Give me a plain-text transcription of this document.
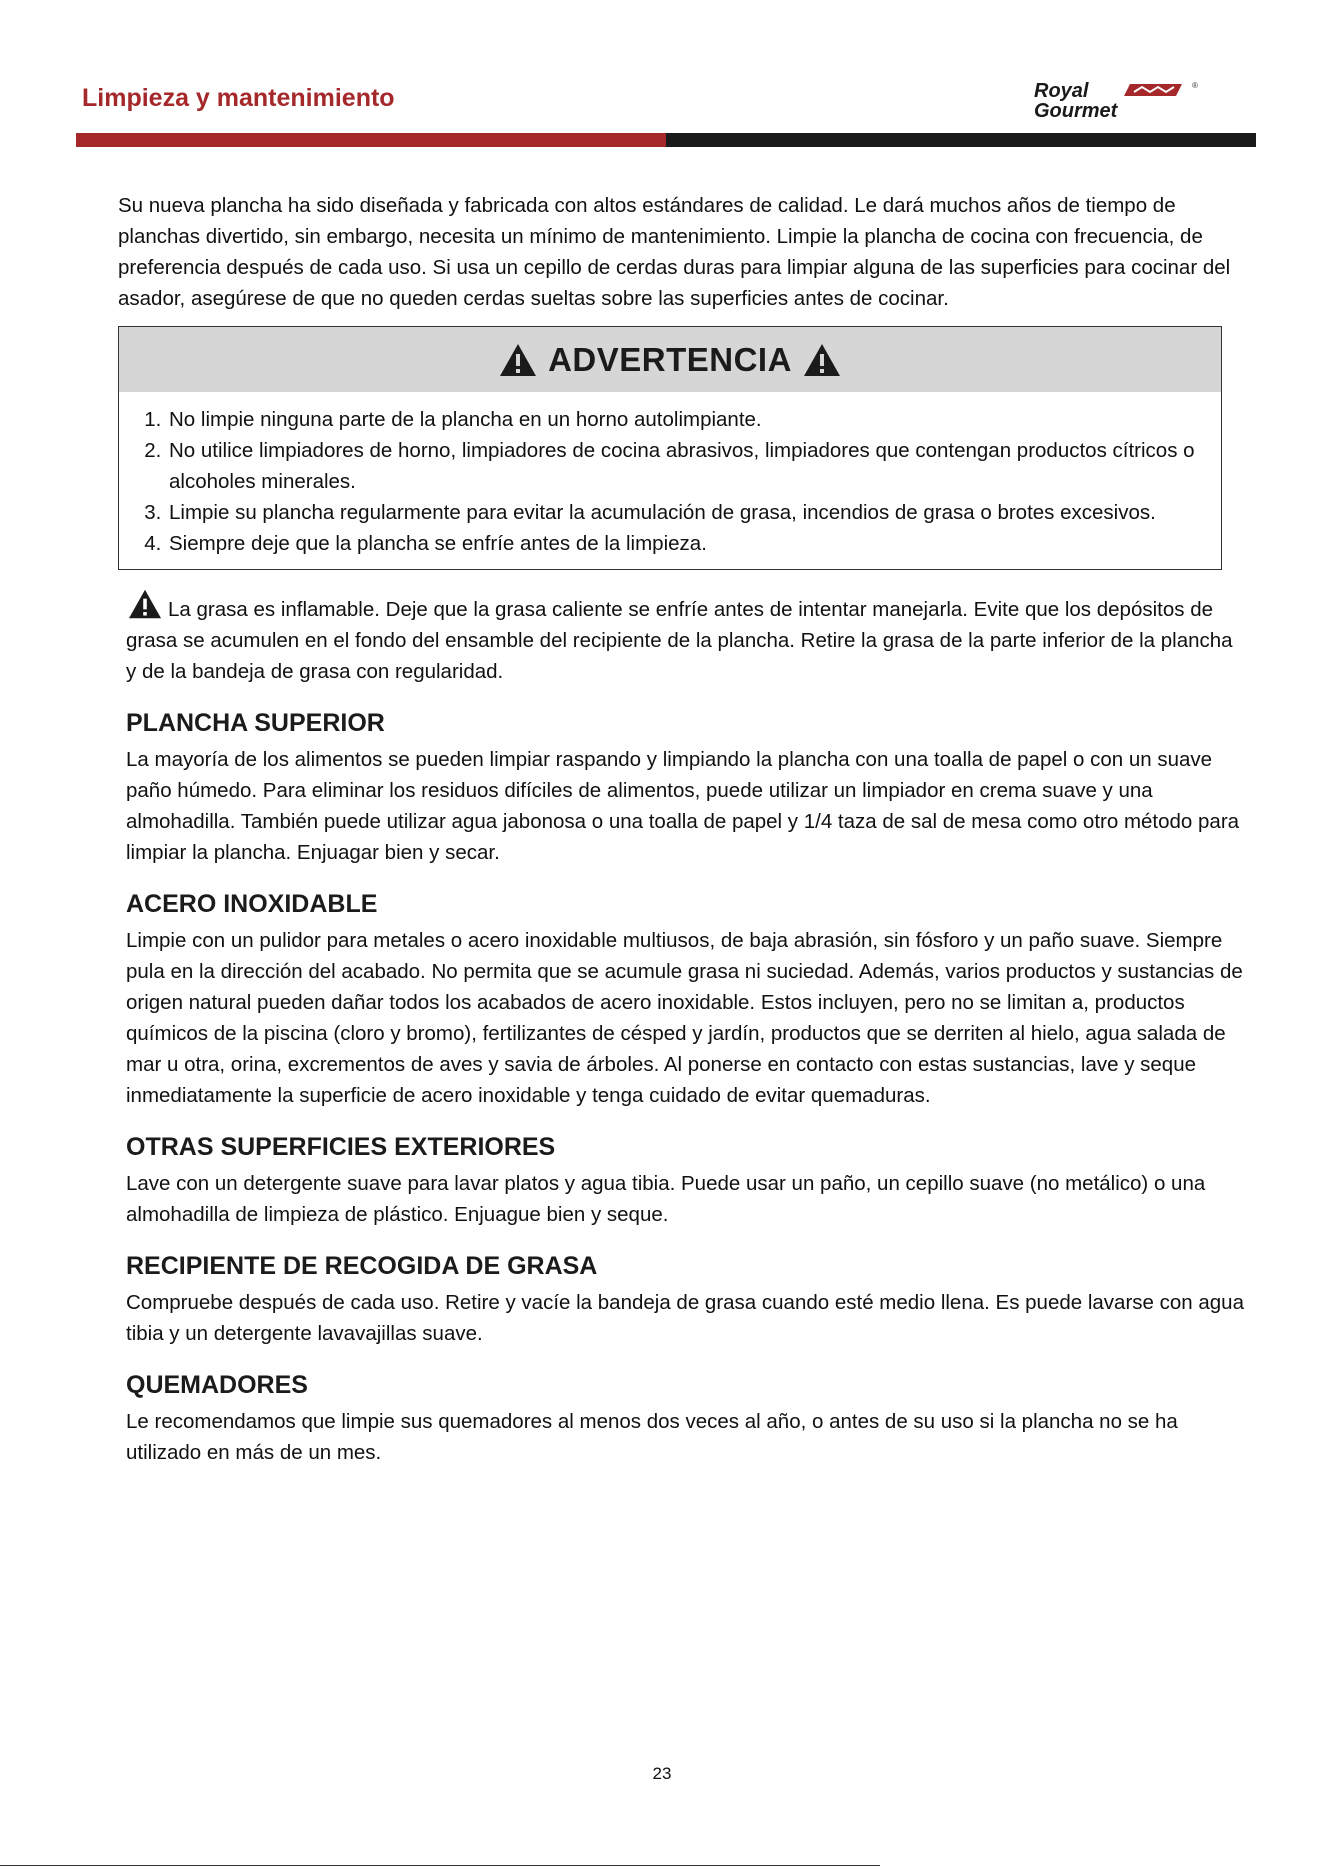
Limpieza y mantenimiento	Royal	®
Gourmet

Su nueva plancha ha sido diseñada y fabricada con altos estándares de calidad. Le dará muchos años de tiempo de planchas divertido, sin embargo, necesita un mínimo de mantenimiento. Limpie la plancha de cocina con frecuencia, de preferencia después de cada uso. Si usa un cepillo de cerdas duras para limpiar alguna de las superficies para cocinar del asador, asegúrese de que no queden cerdas sueltas sobre las superficies antes de cocinar.

ADVERTENCIA
1. No limpie ninguna parte de la plancha en un horno autolimpiante.
2. No utilice limpiadores de horno, limpiadores de cocina abrasivos, limpiadores que contengan productos cítricos o alcoholes minerales.
3. Limpie su plancha regularmente para evitar la acumulación de grasa, incendios de grasa o brotes excesivos.
4. Siempre deje que la plancha se enfríe antes de la limpieza.

La grasa es inflamable. Deje que la grasa caliente se enfríe antes de intentar manejarla. Evite que los depósitos de grasa se acumulen en el fondo del ensamble del recipiente de la plancha. Retire la grasa de la parte inferior de la plancha y de la bandeja de grasa con regularidad.

PLANCHA SUPERIOR

La mayoría de los alimentos se pueden limpiar raspando y limpiando la plancha con una toalla de papel o con un suave paño húmedo. Para eliminar los residuos difíciles de alimentos, puede utilizar un limpiador en crema suave y una almohadilla. También puede utilizar agua jabonosa o una toalla de papel y 1/4 taza de sal de mesa como otro método para limpiar la plancha. Enjuagar bien y secar.

ACERO INOXIDABLE

Limpie con un pulidor para metales o acero inoxidable multiusos, de baja abrasión, sin fósforo y un paño suave. Siempre pula en la dirección del acabado. No permita que se acumule grasa ni suciedad. Además, varios productos y sustancias de origen natural pueden dañar todos los acabados de acero inoxidable. Estos incluyen, pero no se limitan a, productos químicos de la piscina (cloro y bromo), fertilizantes de césped y jardín, productos que se derriten al hielo, agua salada de mar u otra, orina, excrementos de aves y savia de árboles. Al ponerse en contacto con estas sustancias, lave y seque inmediatamente la superficie de acero inoxidable y tenga cuidado de evitar quemaduras.

OTRAS SUPERFICIES EXTERIORES

Lave con un detergente suave para lavar platos y agua tibia. Puede usar un paño, un cepillo suave (no metálico) o una almohadilla de limpieza de plástico. Enjuague bien y seque.

RECIPIENTE DE RECOGIDA DE GRASA

Compruebe después de cada uso. Retire y vacíe la bandeja de grasa cuando esté medio llena. Es puede lavarse con agua tibia y un detergente lavavajillas suave.

QUEMADORES

Le recomendamos que limpie sus quemadores al menos dos veces al año, o antes de su uso si la plancha no se ha utilizado en más de un mes.

23
